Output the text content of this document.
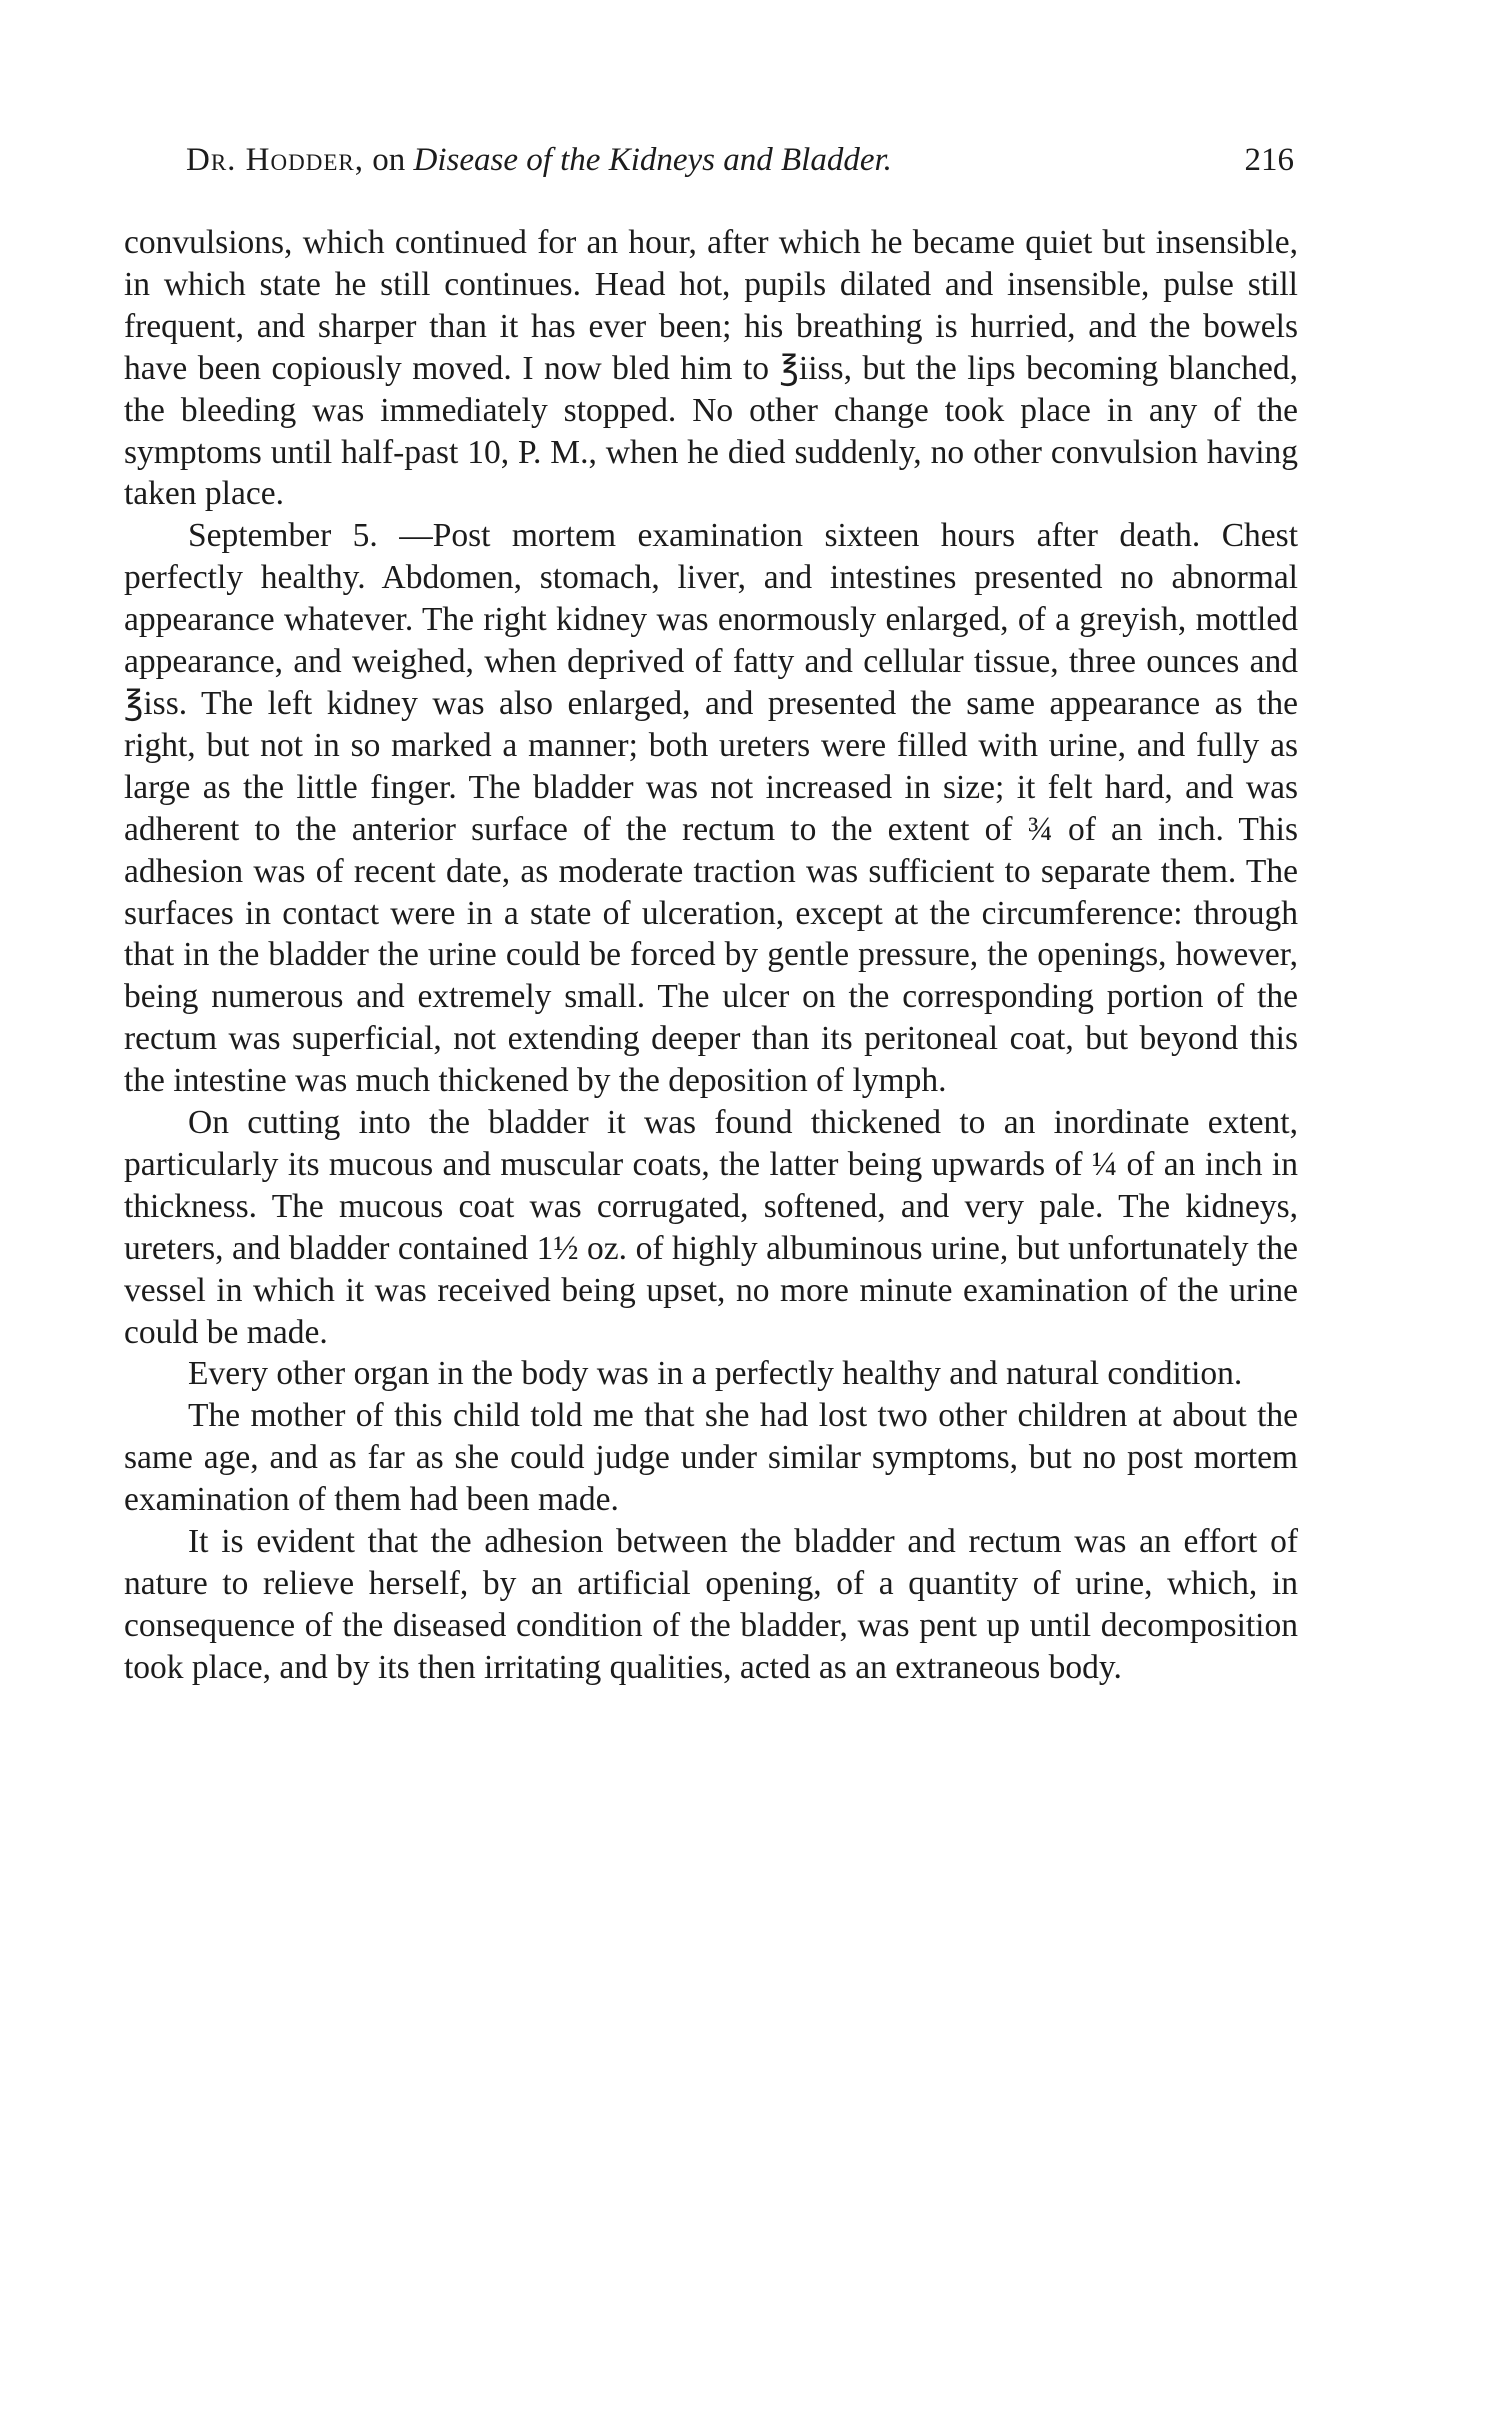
Dr. Hodder, on Disease of the Kidneys and Bladder.	216

convulsions, which continued for an hour, after which he became quiet but insensible, in which state he still continues. Head hot, pupils dilated and insensible, pulse still frequent, and sharper than it has ever been; his breathing is hurried, and the bowels have been copiously moved. I now bled him to ℥iiss, but the lips becoming blanched, the bleeding was immediately stopped. No other change took place in any of the symptoms until half-past 10, P. M., when he died suddenly, no other convulsion having taken place.

September 5. —Post mortem examination sixteen hours after death. Chest perfectly healthy. Abdomen, stomach, liver, and intestines presented no abnormal appearance whatever. The right kidney was enormously enlarged, of a greyish, mottled appearance, and weighed, when deprived of fatty and cellular tissue, three ounces and ℥iss. The left kidney was also enlarged, and presented the same appearance as the right, but not in so marked a manner; both ureters were filled with urine, and fully as large as the little finger. The bladder was not increased in size; it felt hard, and was adherent to the anterior surface of the rectum to the extent of ¾ of an inch. This adhesion was of recent date, as moderate traction was sufficient to separate them. The surfaces in contact were in a state of ulceration, except at the circumference: through that in the bladder the urine could be forced by gentle pressure, the openings, however, being numerous and extremely small. The ulcer on the corresponding portion of the rectum was superficial, not extending deeper than its peritoneal coat, but beyond this the intestine was much thickened by the deposition of lymph.

On cutting into the bladder it was found thickened to an inordinate extent, particularly its mucous and muscular coats, the latter being upwards of ¼ of an inch in thickness. The mucous coat was corrugated, softened, and very pale. The kidneys, ureters, and bladder contained 1½ oz. of highly albuminous urine, but unfortunately the vessel in which it was received being upset, no more minute examination of the urine could be made.

Every other organ in the body was in a perfectly healthy and natural condition.

The mother of this child told me that she had lost two other children at about the same age, and as far as she could judge under similar symptoms, but no post mortem examination of them had been made.

It is evident that the adhesion between the bladder and rectum was an effort of nature to relieve herself, by an artificial opening, of a quantity of urine, which, in consequence of the diseased condition of the bladder, was pent up until decomposition took place, and by its then irritating qualities, acted as an extraneous body.
